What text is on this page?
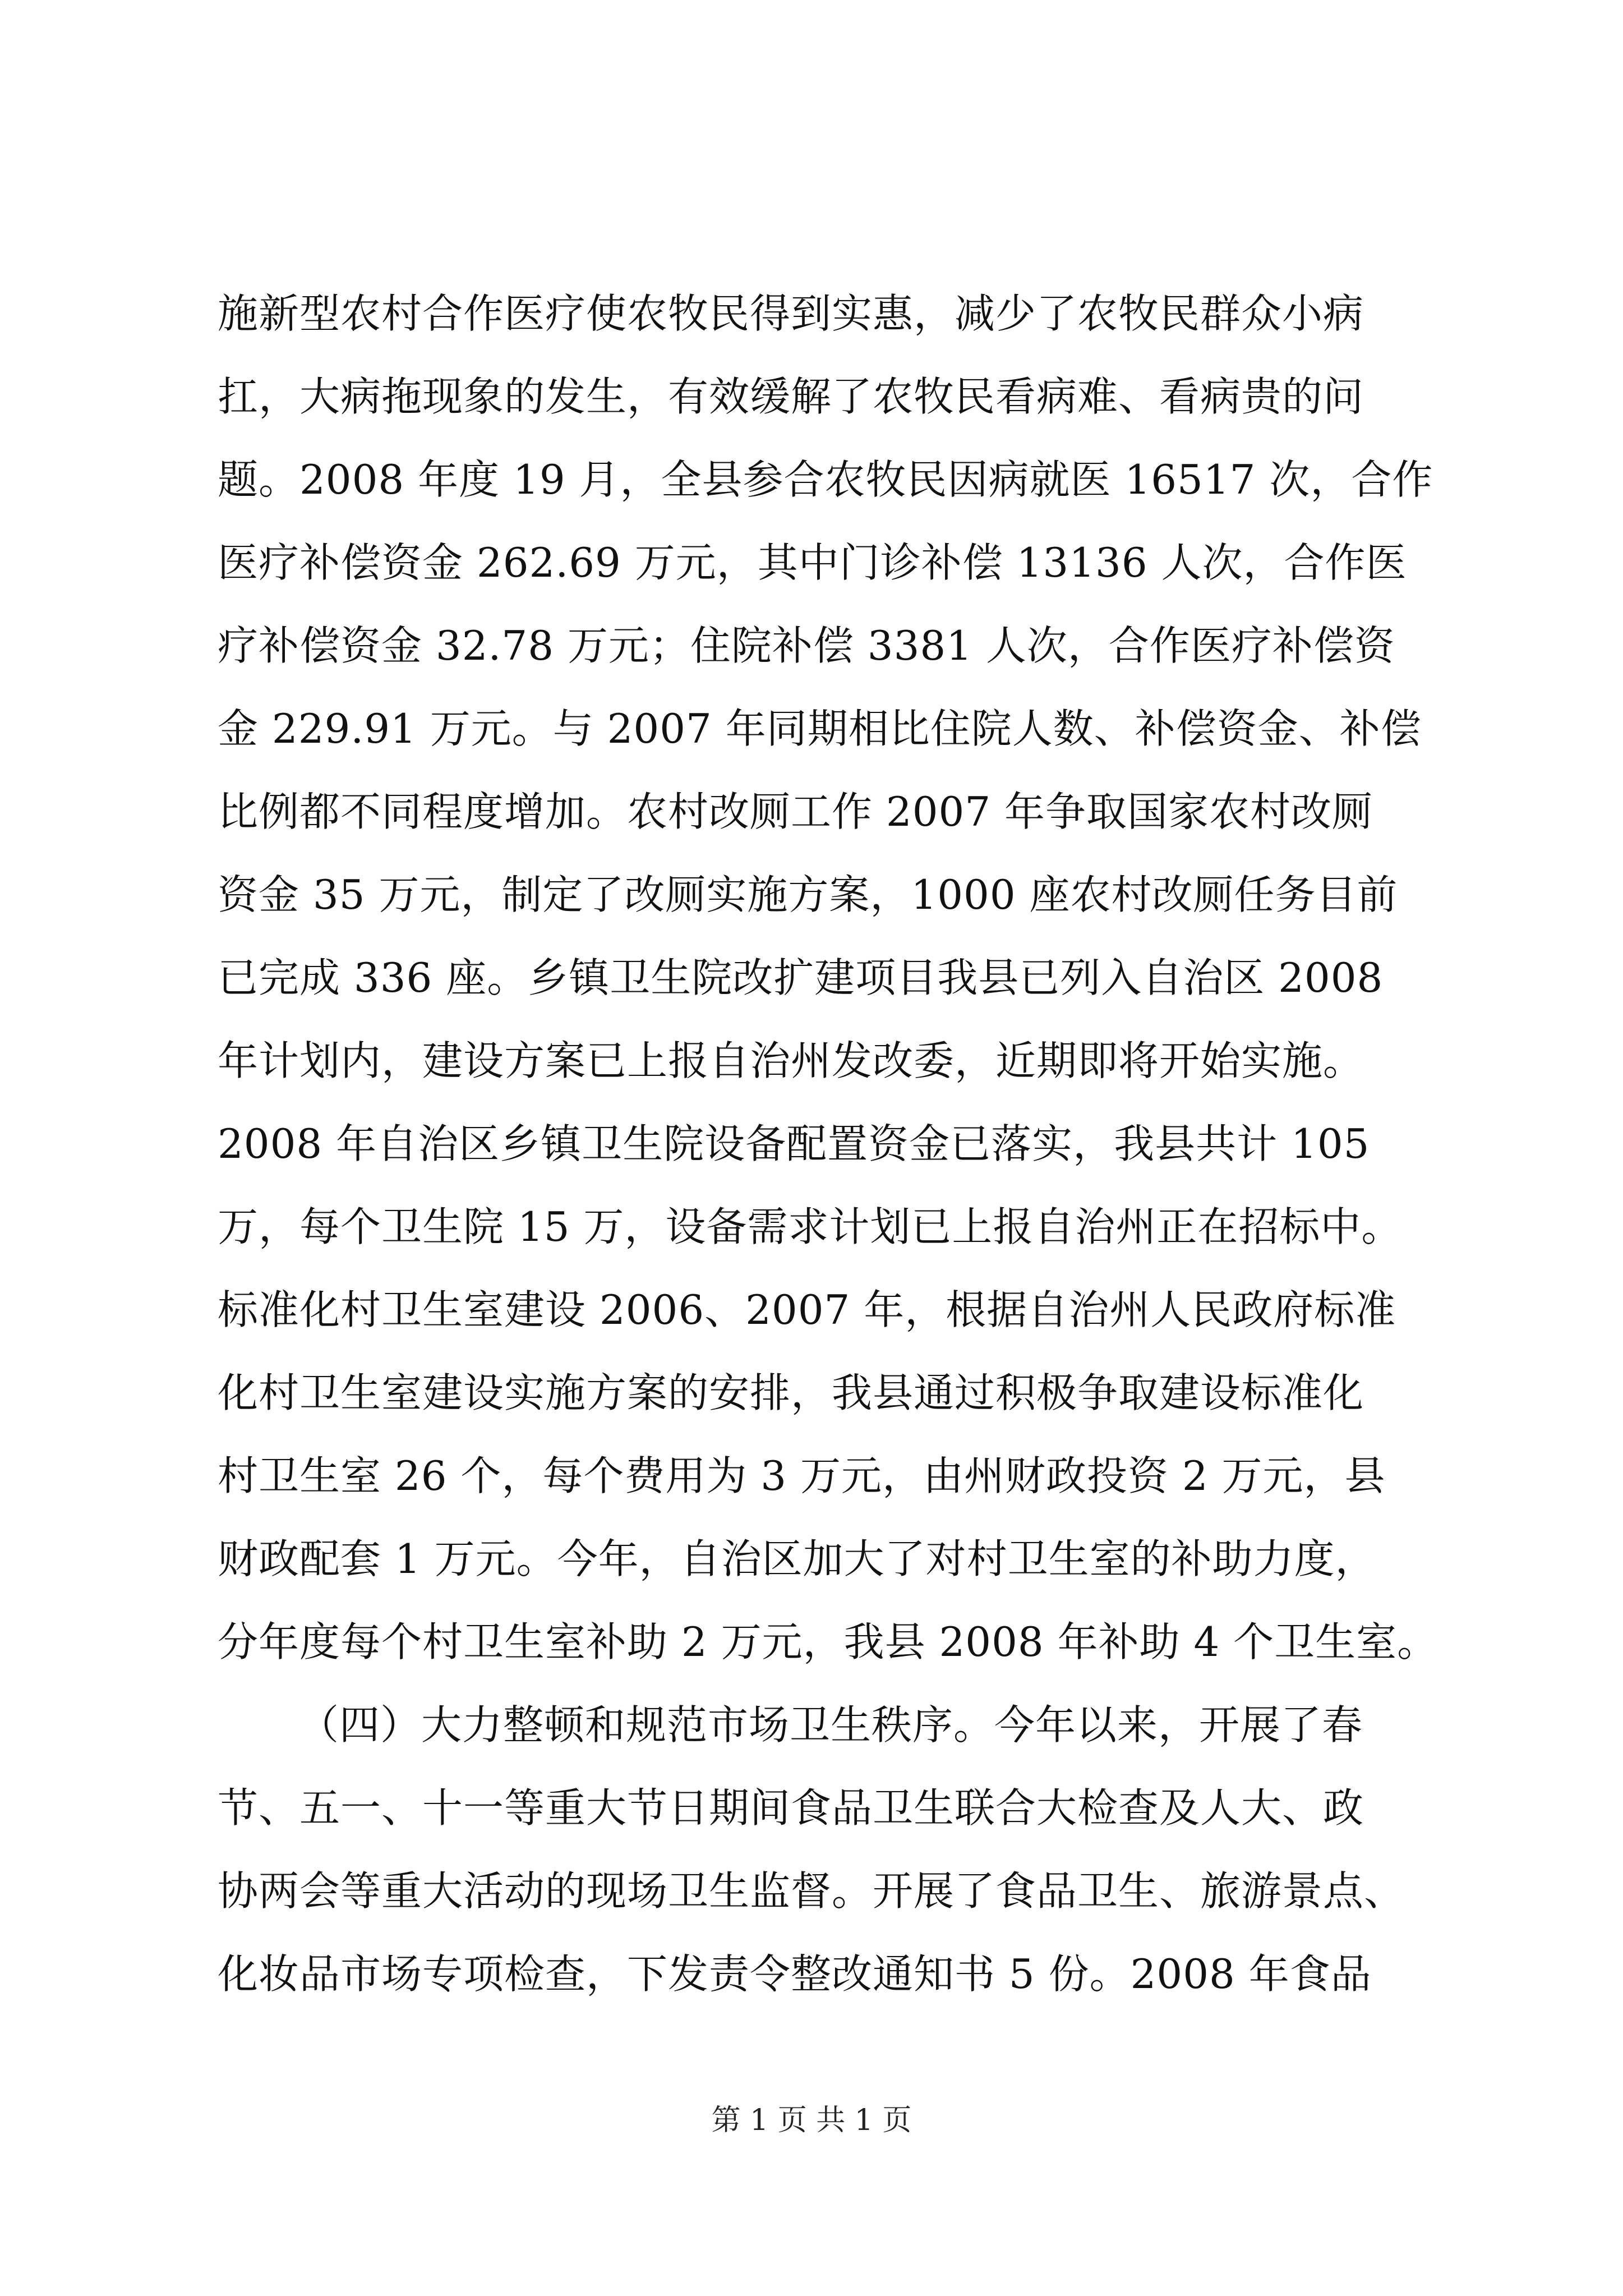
施新型农村合作医疗使农牧民得到实惠，减少了农牧民群众小病
扛，大病拖现象的发生，有效缓解了农牧民看病难、看病贵的问
题。2008 年度 19 月，全县参合农牧民因病就医 16517 次，合作
医疗补偿资金 262.69 万元，其中门诊补偿 13136 人次，合作医
疗补偿资金 32.78 万元；住院补偿 3381 人次，合作医疗补偿资
金 229.91 万元。与 2007 年同期相比住院人数、补偿资金、补偿
比例都不同程度增加。农村改厕工作 2007 年争取国家农村改厕
资金 35 万元，制定了改厕实施方案，1000 座农村改厕任务目前
已完成 336 座。乡镇卫生院改扩建项目我县已列入自治区 2008
年计划内，建设方案已上报自治州发改委，近期即将开始实施。
2008 年自治区乡镇卫生院设备配置资金已落实，我县共计 105
万，每个卫生院 15 万，设备需求计划已上报自治州正在招标中。
标准化村卫生室建设 2006、2007 年，根据自治州人民政府标准
化村卫生室建设实施方案的安排，我县通过积极争取建设标准化
村卫生室 26 个，每个费用为 3 万元，由州财政投资 2 万元，县
财政配套 1 万元。今年，自治区加大了对村卫生室的补助力度，
分年度每个村卫生室补助 2 万元，我县 2008 年补助 4 个卫生室。
（四）大力整顿和规范市场卫生秩序。今年以来，开展了春
节、五一、十一等重大节日期间食品卫生联合大检查及人大、政
协两会等重大活动的现场卫生监督。开展了食品卫生、旅游景点、
化妆品市场专项检查，下发责令整改通知书 5 份。2008 年食品
第 1 页 共 1 页
